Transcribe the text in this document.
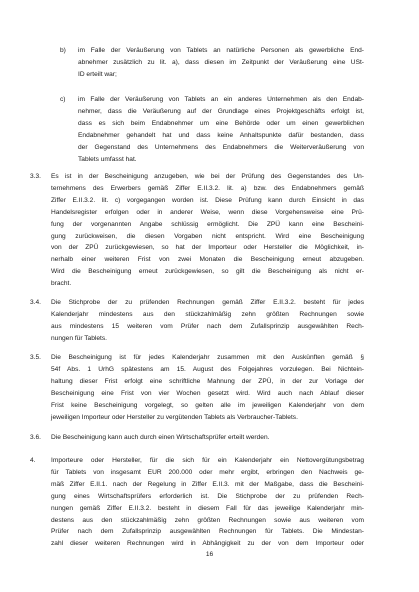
b) im Falle der Veräußerung von Tablets an natürliche Personen als gewerbliche End-
abnehmer zusätzlich zu lit. a), dass diesen im Zeitpunkt der Veräußerung eine USt-
ID erteilt war;
c) im Falle der Veräußerung von Tablets an ein anderes Unternehmen als den Endab-
nehmer, dass die Veräußerung auf der Grundlage eines Projektgeschäfts erfolgt ist,
dass es sich beim Endabnehmer um eine Behörde oder um einen gewerblichen
Endabnehmer gehandelt hat und dass keine Anhaltspunkte dafür bestanden, dass
der Gegenstand des Unternehmens des Endabnehmers die Weiterveräußerung von
Tablets umfasst hat.
3.3. Es ist in der Bescheinigung anzugeben, wie bei der Prüfung des Gegenstandes des Un-
ternehmens des Erwerbers gemäß Ziffer E.II.3.2. lit. a) bzw. des Endabnehmers gemäß
Ziffer E.II.3.2. lit. c) vorgegangen worden ist. Diese Prüfung kann durch Einsicht in das
Handelsregister erfolgen oder in anderer Weise, wenn diese Vorgehensweise eine Prü-
fung der vorgenannten Angabe schlüssig ermöglicht. Die ZPÜ kann eine Bescheini-
gung zurückweisen, die diesen Vorgaben nicht entspricht. Wird eine Bescheinigung
von der ZPÜ zurückgewiesen, so hat der Importeur oder Hersteller die Möglichkeit, in-
nerhalb einer weiteren Frist von zwei Monaten die Bescheinigung erneut abzugeben.
Wird die Bescheinigung erneut zurückgewiesen, so gilt die Bescheinigung als nicht er-
bracht.
3.4. Die Stichprobe der zu prüfenden Rechnungen gemäß Ziffer E.II.3.2. besteht für jedes
Kalenderjahr mindestens aus den stückzahlmäßig zehn größten Rechnungen sowie
aus mindestens 15 weiteren vom Prüfer nach dem Zufallsprinzip ausgewählten Rech-
nungen für Tablets.
3.5. Die Bescheinigung ist für jedes Kalenderjahr zusammen mit den Auskünften gemäß §
54f Abs. 1 UrhG spätestens am 15. August des Folgejahres vorzulegen. Bei Nichtein-
haltung dieser Frist erfolgt eine schriftliche Mahnung der ZPÜ, in der zur Vorlage der
Bescheinigung eine Frist von vier Wochen gesetzt wird. Wird auch nach Ablauf dieser
Frist keine Bescheinigung vorgelegt, so gelten alle im jeweiligen Kalenderjahr von dem
jeweiligen Importeur oder Hersteller zu vergütenden Tablets als Verbraucher-Tablets.
3.6. Die Bescheinigung kann auch durch einen Wirtschaftsprüfer erteilt werden.
4. Importeure oder Hersteller, für die sich für ein Kalenderjahr ein Nettovergütungsbetrag
für Tablets von insgesamt EUR 200.000 oder mehr ergibt, erbringen den Nachweis ge-
mäß Ziffer E.II.1. nach der Regelung in Ziffer E.II.3. mit der Maßgabe, dass die Bescheini-
gung eines Wirtschaftsprüfers erforderlich ist. Die Stichprobe der zu prüfenden Rech-
nungen gemäß Ziffer E.II.3.2. besteht in diesem Fall für das jeweilige Kalenderjahr min-
destens aus den stückzahlmäßig zehn größten Rechnungen sowie aus weiteren vom
Prüfer nach dem Zufallsprinzip ausgewählten Rechnungen für Tablets. Die Mindestan-
zahl dieser weiteren Rechnungen wird in Abhängigkeit zu der von dem Importeur oder
16
